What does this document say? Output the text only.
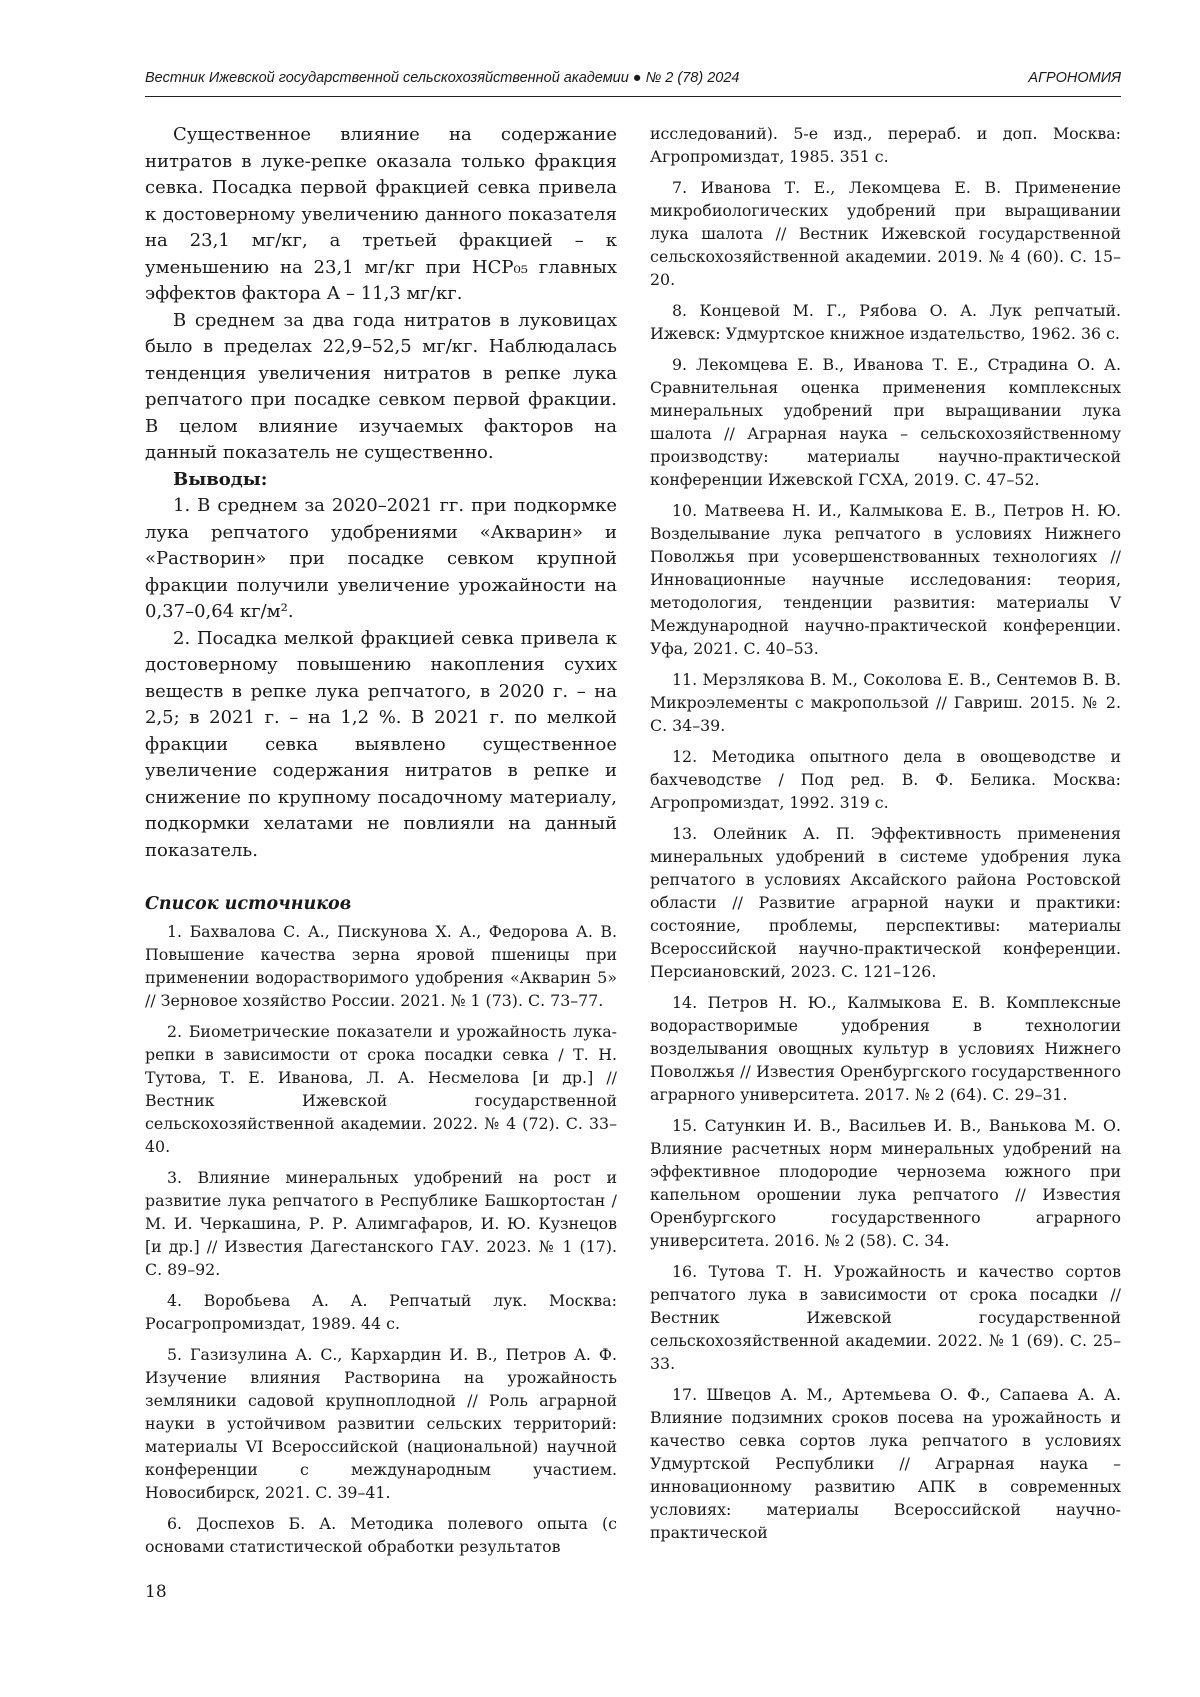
Вестник Ижевской государственной сельскохозяйственной академии ● № 2 (78) 2024	АГРОНОМИЯ

Существенное влияние на содержание нитратов в луке-репке оказала только фракция севка. Посадка первой фракцией севка привела к достоверному увеличению данного показателя на 23,1 мг/кг, а третьей фракцией – к уменьшению на 23,1 мг/кг при НСР₀₅ главных эффектов фактора А – 11,3 мг/кг.

В среднем за два года нитратов в луковицах было в пределах 22,9–52,5 мг/кг. Наблюдалась тенденция увеличения нитратов в репке лука репчатого при посадке севком первой фракции. В целом влияние изучаемых факторов на данный показатель не существенно.

Выводы:

1. В среднем за 2020–2021 гг. при подкормке лука репчатого удобрениями «Акварин» и «Растворин» при посадке севком крупной фракции получили увеличение урожайности на 0,37–0,64 кг/м².

2. Посадка мелкой фракцией севка привела к достоверному повышению накопления сухих веществ в репке лука репчатого, в 2020 г. – на 2,5; в 2021 г. – на 1,2 %. В 2021 г. по мелкой фракции севка выявлено существенное увеличение содержания нитратов в репке и снижение по крупному посадочному материалу, подкормки хелатами не повлияли на данный показатель.

Список источников

1. Бахвалова С. А., Пискунова Х. А., Федорова А. В. Повышение качества зерна яровой пшеницы при применении водорастворимого удобрения «Акварин 5» // Зерновое хозяйство России. 2021. № 1 (73). С. 73–77.

2. Биометрические показатели и урожайность лука-репки в зависимости от срока посадки севка / Т. Н. Тутова, Т. Е. Иванова, Л. А. Несмелова [и др.] // Вестник Ижевской государственной сельскохозяйственной академии. 2022. № 4 (72). С. 33–40.

3. Влияние минеральных удобрений на рост и развитие лука репчатого в Республике Башкортостан / М. И. Черкашина, Р. Р. Алимгафаров, И. Ю. Кузнецов [и др.] // Известия Дагестанского ГАУ. 2023. № 1 (17). С. 89–92.

4. Воробьева А. А. Репчатый лук. Москва: Росагропромиздат, 1989. 44 с.

5. Газизулина А. С., Кархардин И. В., Петров А. Ф. Изучение влияния Растворина на урожайность земляники садовой крупноплодной // Роль аграрной науки в устойчивом развитии сельских территорий: материалы VI Всероссийской (национальной) научной конференции с международным участием. Новосибирск, 2021. С. 39–41.

6. Доспехов Б. А. Методика полевого опыта (с основами статистической обработки результатов

исследований). 5-е изд., перераб. и доп. Москва: Агропромиздат, 1985. 351 с.

7. Иванова Т. Е., Лекомцева Е. В. Применение микробиологических удобрений при выращивании лука шалота // Вестник Ижевской государственной сельскохозяйственной академии. 2019. № 4 (60). С. 15–20.

8. Концевой М. Г., Рябова О. А. Лук репчатый. Ижевск: Удмуртское книжное издательство, 1962. 36 с.

9. Лекомцева Е. В., Иванова Т. Е., Страдина О. А. Сравнительная оценка применения комплексных минеральных удобрений при выращивании лука шалота // Аграрная наука – сельскохозяйственному производству: материалы научно-практической конференции Ижевской ГСХА, 2019. С. 47–52.

10. Матвеева Н. И., Калмыкова Е. В., Петров Н. Ю. Возделывание лука репчатого в условиях Нижнего Поволжья при усовершенствованных технологиях // Инновационные научные исследования: теория, методология, тенденции развития: материалы V Международной научно-практической конференции. Уфа, 2021. С. 40–53.

11. Мерзлякова В. М., Соколова Е. В., Сентемов В. В. Микроэлементы с макропользой // Гавриш. 2015. № 2. С. 34–39.

12. Методика опытного дела в овощеводстве и бахчеводстве / Под ред. В. Ф. Белика. Москва: Агропромиздат, 1992. 319 с.

13. Олейник А. П. Эффективность применения минеральных удобрений в системе удобрения лука репчатого в условиях Аксайского района Ростовской области // Развитие аграрной науки и практики: состояние, проблемы, перспективы: материалы Всероссийской научно-практической конференции. Персиановский, 2023. С. 121–126.

14. Петров Н. Ю., Калмыкова Е. В. Комплексные водорастворимые удобрения в технологии возделывания овощных культур в условиях Нижнего Поволжья // Известия Оренбургского государственного аграрного университета. 2017. № 2 (64). С. 29–31.

15. Сатункин И. В., Васильев И. В., Ванькова М. О. Влияние расчетных норм минеральных удобрений на эффективное плодородие чернозема южного при капельном орошении лука репчатого // Известия Оренбургского государственного аграрного университета. 2016. № 2 (58). С. 34.

16. Тутова Т. Н. Урожайность и качество сортов репчатого лука в зависимости от срока посадки // Вестник Ижевской государственной сельскохозяйственной академии. 2022. № 1 (69). С. 25–33.

17. Швецов А. М., Артемьева О. Ф., Сапаева А. А. Влияние подзимних сроков посева на урожайность и качество севка сортов лука репчатого в условиях Удмуртской Республики // Аграрная наука – инновационному развитию АПК в современных условиях: материалы Всероссийской научно-практической

18
